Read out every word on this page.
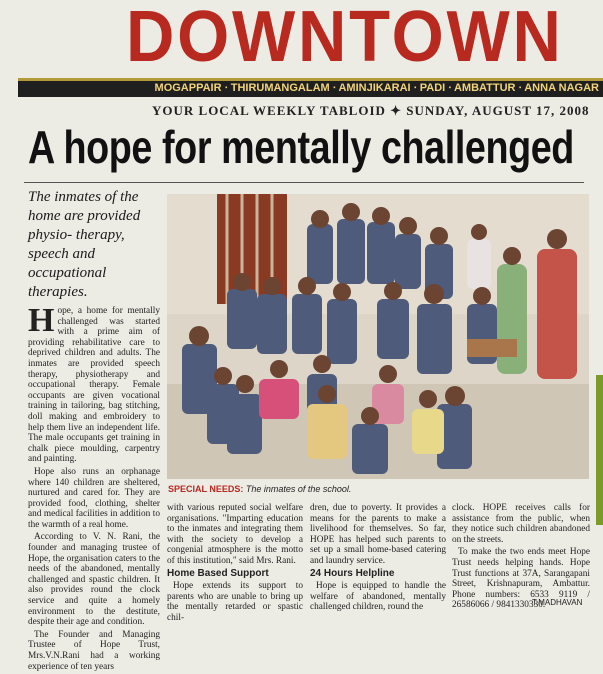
DOWNTOWN
MOGAPPAIR ∙ THIRUMANGALAM ∙ AMINJIKARAI ∙ PADI ∙ AMBATTUR ∙ ANNA NAGAR
YOUR LOCAL WEEKLY TABLOID ✦ SUNDAY, AUGUST 17, 2008
A hope for mentally challenged
The inmates of the home are provided physio- therapy, speech and occupational therapies.

Hope, a home for mentally challenged was started with a prime aim of providing rehabilitative care to deprived children and adults. The inmates are provided speech therapy, physiotherapy and occupational therapy. Female occupants are given vocational training in tailoring, bag stitching, doll making and embroidery to help them live an independent life. The male occupants get training in chalk piece moulding, carpentry and painting.

Hope also runs an orphanage where 140 children are sheltered, nurtured and cared for. They are provided food, clothing, shelter and medical facilities in addition to the warmth of a real home.

According to V. N. Rani, the founder and managing trustee of Hope, the organisation caters to the needs of the abandoned, mentally challenged and spastic children. It also provides round the clock service and quite a homely environment to the destitute, despite their age and condition.

The Founder and Managing Trustee of Hope Trust, Mrs.V.N.Rani had a working experience of ten years

SPECIAL NEEDS: The inmates of the school.

with various reputed social welfare organisations. "Imparting education to the inmates and integrating them with the society to develop a congenial atmosphere is the motto of this institution," said Mrs. Rani.

Home Based Support

Hope extends its support to parents who are unable to bring up the mentally retarded or spastic chil-

dren, due to poverty. It provides a means for the parents to make a livelihood for themselves. So far, HOPE has helped such parents to set up a small home-based catering and laundry service.

24 Hours Helpline

Hope is equipped to handle the welfare of abandoned, mentally challenged children, round the

clock. HOPE receives calls for assistance from the public, when they notice such children abandoned on the streets.

To make the two ends meet Hope Trust needs helping hands. Hope Trust functions at 37A, Sarangapani Street, Krishnapuram, Ambattur. Phone numbers: 6533 9119 / 26586066 / 9841330330.

T.MADHAVAN
